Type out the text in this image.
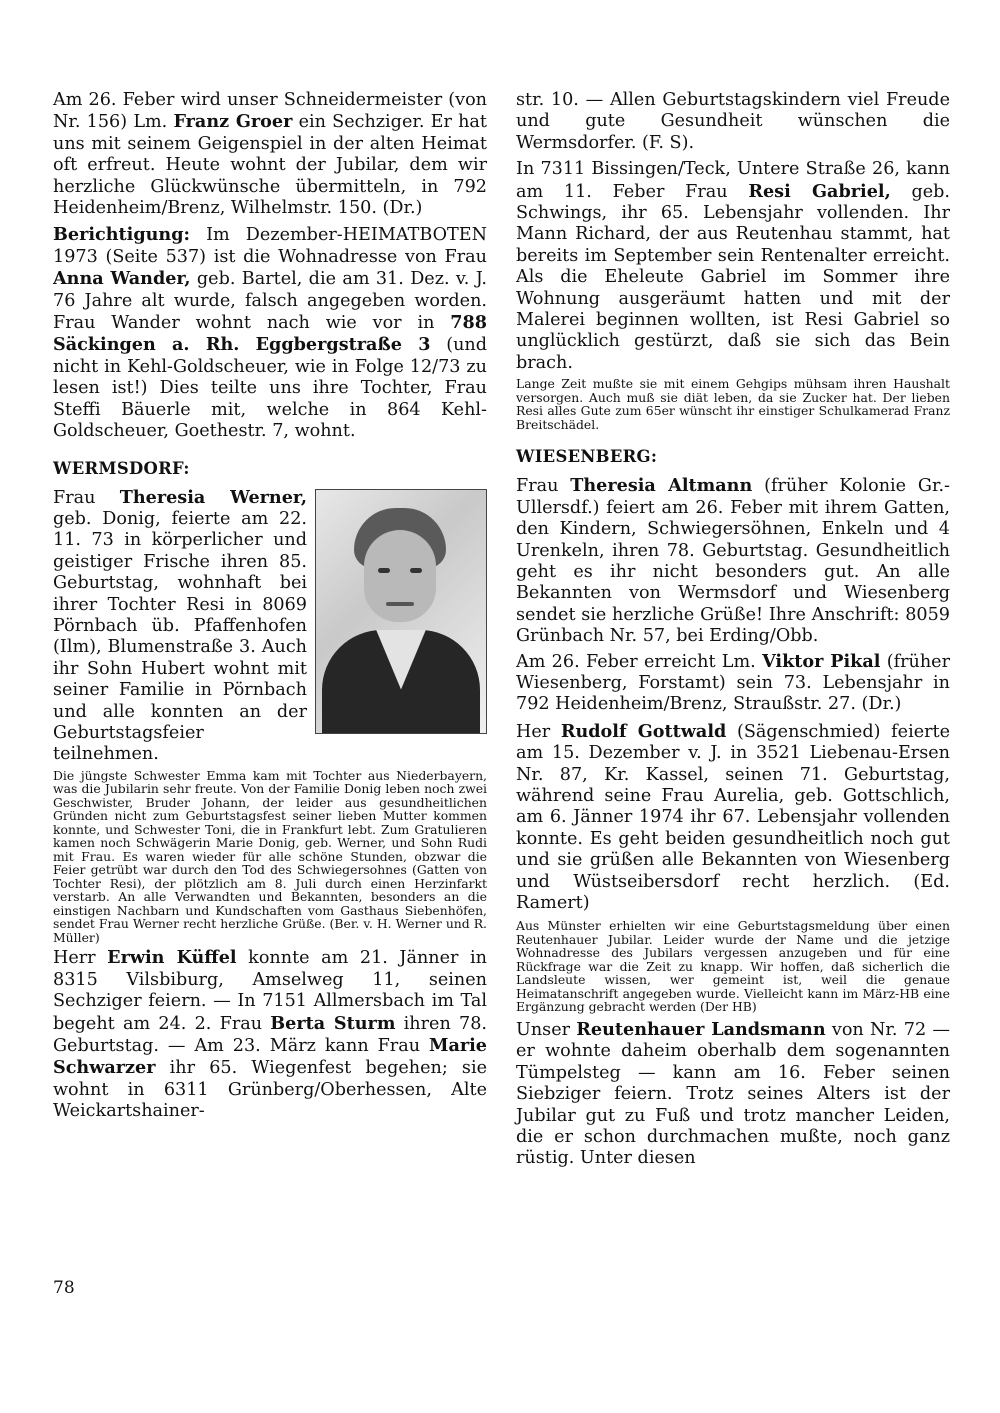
Am 26. Feber wird unser Schneidermeister (von Nr. 156) Lm. Franz Groer ein Sechziger. Er hat uns mit seinem Geigenspiel in der alten Heimat oft erfreut. Heute wohnt der Jubilar, dem wir herzliche Glückwünsche übermitteln, in 792 Heidenheim/Brenz, Wilhelmstr. 150. (Dr.)

Berichtigung: Im Dezember-HEIMATBOTEN 1973 (Seite 537) ist die Wohnadresse von Frau Anna Wander, geb. Bartel, die am 31. Dez. v. J. 76 Jahre alt wurde, falsch angegeben worden. Frau Wander wohnt nach wie vor in 788 Säckingen a. Rh. Eggbergstraße 3 (und nicht in Kehl-Goldscheuer, wie in Folge 12/73 zu lesen ist!) Dies teilte uns ihre Tochter, Frau Steffi Bäuerle mit, welche in 864 Kehl-Goldscheuer, Goethestr. 7, wohnt.

WERMSDORF:

Frau Theresia Werner, geb. Donig, feierte am 22. 11. 73 in körperlicher und geistiger Frische ihren 85. Geburtstag, wohnhaft bei ihrer Tochter Resi in 8069 Pörnbach üb. Pfaffenhofen (Ilm), Blumenstraße 3. Auch ihr Sohn Hubert wohnt mit seiner Familie in Pörnbach und alle konnten an der Geburtstagsfeier teilnehmen.

Die jüngste Schwester Emma kam mit Tochter aus Niederbayern, was die Jubilarin sehr freute. Von der Familie Donig leben noch zwei Geschwister, Bruder Johann, der leider aus gesundheitlichen Gründen nicht zum Geburtstagsfest seiner lieben Mutter kommen konnte, und Schwester Toni, die in Frankfurt lebt. Zum Gratulieren kamen noch Schwägerin Marie Donig, geb. Werner, und Sohn Rudi mit Frau. Es waren wieder für alle schöne Stunden, obzwar die Feier getrübt war durch den Tod des Schwiegersohnes (Gatten von Tochter Resi), der plötzlich am 8. Juli durch einen Herzinfarkt verstarb. An alle Verwandten und Bekannten, besonders an die einstigen Nachbarn und Kundschaften vom Gasthaus Siebenhöfen, sendet Frau Werner recht herzliche Grüße. (Ber. v. H. Werner und R. Müller)

Herr Erwin Küffel konnte am 21. Jänner in 8315 Vilsbiburg, Amselweg 11, seinen Sechziger feiern. — In 7151 Allmersbach im Tal begeht am 24. 2. Frau Berta Sturm ihren 78. Geburtstag. — Am 23. März kann Frau Marie Schwarzer ihr 65. Wiegenfest begehen; sie wohnt in 6311 Grünberg/Oberhessen, Alte Weickartshainer-

str. 10. — Allen Geburtstagskindern viel Freude und gute Gesundheit wünschen die Wermsdorfer. (F. S).

In 7311 Bissingen/Teck, Untere Straße 26, kann am 11. Feber Frau Resi Gabriel, geb. Schwings, ihr 65. Lebensjahr vollenden. Ihr Mann Richard, der aus Reutenhau stammt, hat bereits im September sein Rentenalter erreicht. Als die Eheleute Gabriel im Sommer ihre Wohnung ausgeräumt hatten und mit der Malerei beginnen wollten, ist Resi Gabriel so unglücklich gestürzt, daß sie sich das Bein brach.

Lange Zeit mußte sie mit einem Gehgips mühsam ihren Haushalt versorgen. Auch muß sie diät leben, da sie Zucker hat. Der lieben Resi alles Gute zum 65er wünscht ihr einstiger Schulkamerad Franz Breitschädel.

WIESENBERG:

Frau Theresia Altmann (früher Kolonie Gr.-Ullersdf.) feiert am 26. Feber mit ihrem Gatten, den Kindern, Schwiegersöhnen, Enkeln und 4 Urenkeln, ihren 78. Geburtstag. Gesundheitlich geht es ihr nicht besonders gut. An alle Bekannten von Wermsdorf und Wiesenberg sendet sie herzliche Grüße! Ihre Anschrift: 8059 Grünbach Nr. 57, bei Erding/Obb.

Am 26. Feber erreicht Lm. Viktor Pikal (früher Wiesenberg, Forstamt) sein 73. Lebensjahr in 792 Heidenheim/Brenz, Straußstr. 27. (Dr.)

Her Rudolf Gottwald (Sägenschmied) feierte am 15. Dezember v. J. in 3521 Liebenau-Ersen Nr. 87, Kr. Kassel, seinen 71. Geburtstag, während seine Frau Aurelia, geb. Gottschlich, am 6. Jänner 1974 ihr 67. Lebensjahr vollenden konnte. Es geht beiden gesundheitlich noch gut und sie grüßen alle Bekannten von Wiesenberg und Wüstseibersdorf recht herzlich. (Ed. Ramert)

Aus Münster erhielten wir eine Geburtstagsmeldung über einen Reutenhauer Jubilar. Leider wurde der Name und die jetzige Wohnadresse des Jubilars vergessen anzugeben und für eine Rückfrage war die Zeit zu knapp. Wir hoffen, daß sicherlich die Landsleute wissen, wer gemeint ist, weil die genaue Heimatanschrift angegeben wurde. Vielleicht kann im März-HB eine Ergänzung gebracht werden (Der HB)

Unser Reutenhauer Landsmann von Nr. 72 — er wohnte daheim oberhalb dem sogenannten Tümpelsteg — kann am 16. Feber seinen Siebziger feiern. Trotz seines Alters ist der Jubilar gut zu Fuß und trotz mancher Leiden, die er schon durchmachen mußte, noch ganz rüstig. Unter diesen

78
